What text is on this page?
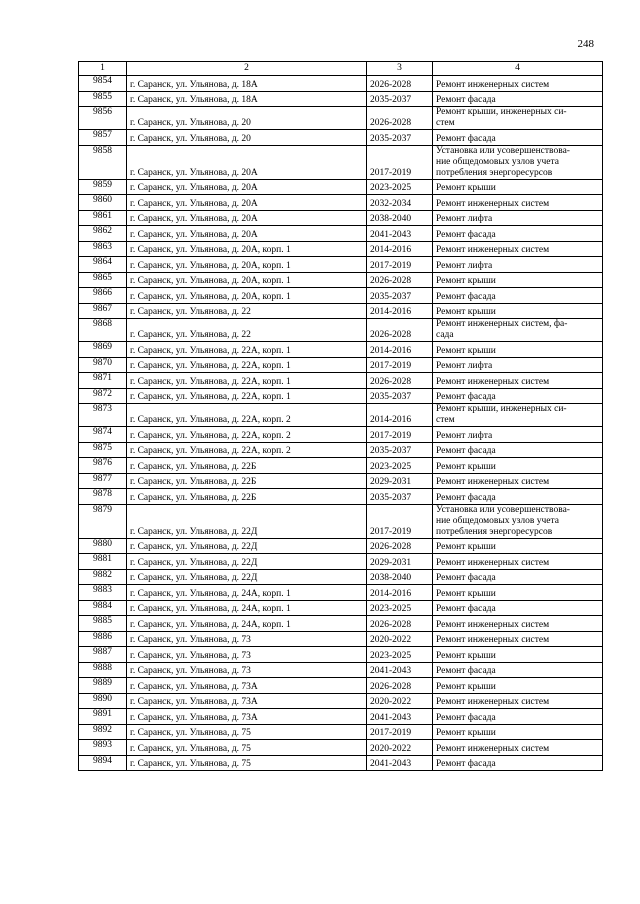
248
1	2	3	4
9854	г. Саранск, ул. Ульянова, д. 18А	2026-2028	Ремонт инженерных систем
9855	г. Саранск, ул. Ульянова, д. 18А	2035-2037	Ремонт фасада
9856	г. Саранск, ул. Ульянова, д. 20	2026-2028	Ремонт крыши, инженерных си-
стем
9857	г. Саранск, ул. Ульянова, д. 20	2035-2037	Ремонт фасада
9858	г. Саранск, ул. Ульянова, д. 20А	2017-2019	Установка или усовершенствова-
ние общедомовых узлов учета
потребления энергоресурсов
9859	г. Саранск, ул. Ульянова, д. 20А	2023-2025	Ремонт крыши
9860	г. Саранск, ул. Ульянова, д. 20А	2032-2034	Ремонт инженерных систем
9861	г. Саранск, ул. Ульянова, д. 20А	2038-2040	Ремонт лифта
9862	г. Саранск, ул. Ульянова, д. 20А	2041-2043	Ремонт фасада
9863	г. Саранск, ул. Ульянова, д. 20А, корп. 1	2014-2016	Ремонт инженерных систем
9864	г. Саранск, ул. Ульянова, д. 20А, корп. 1	2017-2019	Ремонт лифта
9865	г. Саранск, ул. Ульянова, д. 20А, корп. 1	2026-2028	Ремонт крыши
9866	г. Саранск, ул. Ульянова, д. 20А, корп. 1	2035-2037	Ремонт фасада
9867	г. Саранск, ул. Ульянова, д. 22	2014-2016	Ремонт крыши
9868	г. Саранск, ул. Ульянова, д. 22	2026-2028	Ремонт инженерных систем, фа-
сада
9869	г. Саранск, ул. Ульянова, д. 22А, корп. 1	2014-2016	Ремонт крыши
9870	г. Саранск, ул. Ульянова, д. 22А, корп. 1	2017-2019	Ремонт лифта
9871	г. Саранск, ул. Ульянова, д. 22А, корп. 1	2026-2028	Ремонт инженерных систем
9872	г. Саранск, ул. Ульянова, д. 22А, корп. 1	2035-2037	Ремонт фасада
9873	г. Саранск, ул. Ульянова, д. 22А, корп. 2	2014-2016	Ремонт крыши, инженерных си-
стем
9874	г. Саранск, ул. Ульянова, д. 22А, корп. 2	2017-2019	Ремонт лифта
9875	г. Саранск, ул. Ульянова, д. 22А, корп. 2	2035-2037	Ремонт фасада
9876	г. Саранск, ул. Ульянова, д. 22Б	2023-2025	Ремонт крыши
9877	г. Саранск, ул. Ульянова, д. 22Б	2029-2031	Ремонт инженерных систем
9878	г. Саранск, ул. Ульянова, д. 22Б	2035-2037	Ремонт фасада
9879	г. Саранск, ул. Ульянова, д. 22Д	2017-2019	Установка или усовершенствова-
ние общедомовых узлов учета
потребления энергоресурсов
9880	г. Саранск, ул. Ульянова, д. 22Д	2026-2028	Ремонт крыши
9881	г. Саранск, ул. Ульянова, д. 22Д	2029-2031	Ремонт инженерных систем
9882	г. Саранск, ул. Ульянова, д. 22Д	2038-2040	Ремонт фасада
9883	г. Саранск, ул. Ульянова, д. 24А, корп. 1	2014-2016	Ремонт крыши
9884	г. Саранск, ул. Ульянова, д. 24А, корп. 1	2023-2025	Ремонт фасада
9885	г. Саранск, ул. Ульянова, д. 24А, корп. 1	2026-2028	Ремонт инженерных систем
9886	г. Саранск, ул. Ульянова, д. 73	2020-2022	Ремонт инженерных систем
9887	г. Саранск, ул. Ульянова, д. 73	2023-2025	Ремонт крыши
9888	г. Саранск, ул. Ульянова, д. 73	2041-2043	Ремонт фасада
9889	г. Саранск, ул. Ульянова, д. 73А	2026-2028	Ремонт крыши
9890	г. Саранск, ул. Ульянова, д. 73А	2020-2022	Ремонт инженерных систем
9891	г. Саранск, ул. Ульянова, д. 73А	2041-2043	Ремонт фасада
9892	г. Саранск, ул. Ульянова, д. 75	2017-2019	Ремонт крыши
9893	г. Саранск, ул. Ульянова, д. 75	2020-2022	Ремонт инженерных систем
9894	г. Саранск, ул. Ульянова, д. 75	2041-2043	Ремонт фасада
